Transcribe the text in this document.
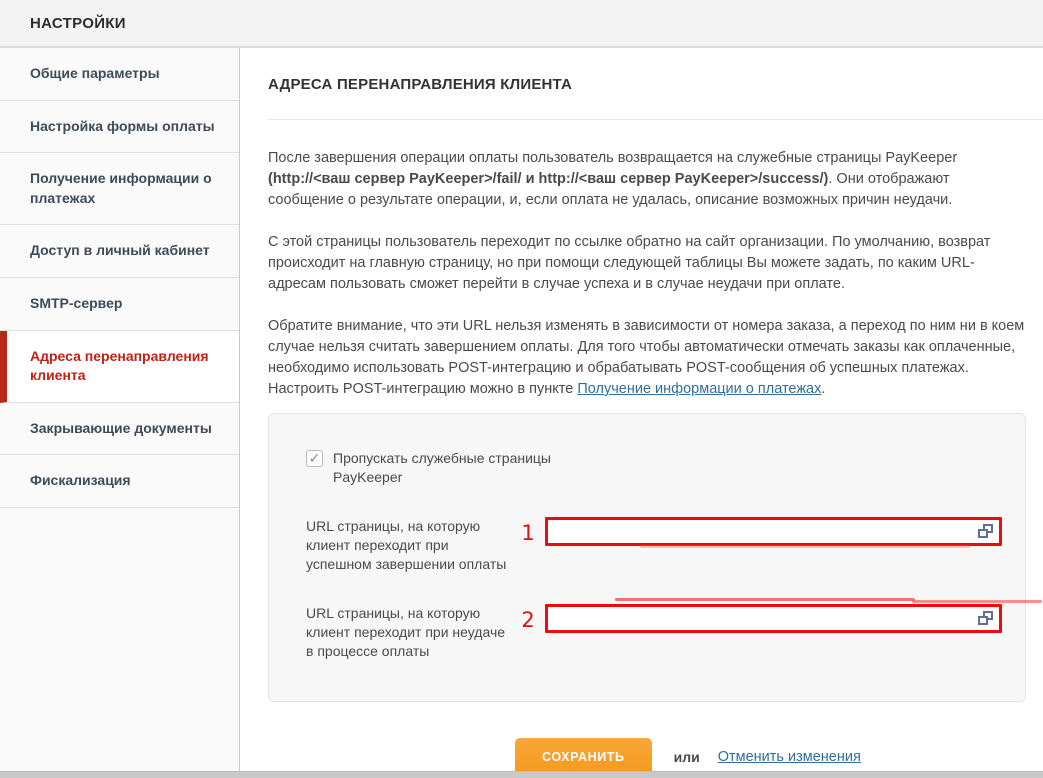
НАСТРОЙКИ
Общие параметры
Настройка формы оплаты
Получение информации о платежах
Доступ в личный кабинет
SMTP-сервер
Адреса перенаправления клиента
Закрывающие документы
Фискализация
АДРЕСА ПЕРЕНАПРАВЛЕНИЯ КЛИЕНТА

После завершения операции оплаты пользователь возвращается на служебные страницы PayKeeper (http://<ваш сервер PayKeeper>/fail/ и http://<ваш сервер PayKeeper>/success/). Они отображают сообщение о результате операции, и, если оплата не удалась, описание возможных причин неудачи.

С этой страницы пользователь переходит по ссылке обратно на сайт организации. По умолчанию, возврат происходит на главную страницу, но при помощи следующей таблицы Вы можете задать, по каким URL-адресам пользовать сможет перейти в случае успеха и в случае неудачи при оплате.

Обратите внимание, что эти URL нельзя изменять в зависимости от номера заказа, а переход по ним ни в коем случае нельзя считать завершением оплаты. Для того чтобы автоматически отмечать заказы как оплаченные, необходимо использовать POST-интеграцию и обрабатывать POST-сообщения об успешных платежах. Настроить POST-интеграцию можно в пункте Получение информации о платежах.

✓ Пропускать служебные страницы PayKeeper
URL страницы, на которую клиент переходит при успешном завершении оплаты
1
URL страницы, на которую клиент переходит при неудаче в процессе оплаты
2
СОХРАНИТЬ	или Отменить изменения
